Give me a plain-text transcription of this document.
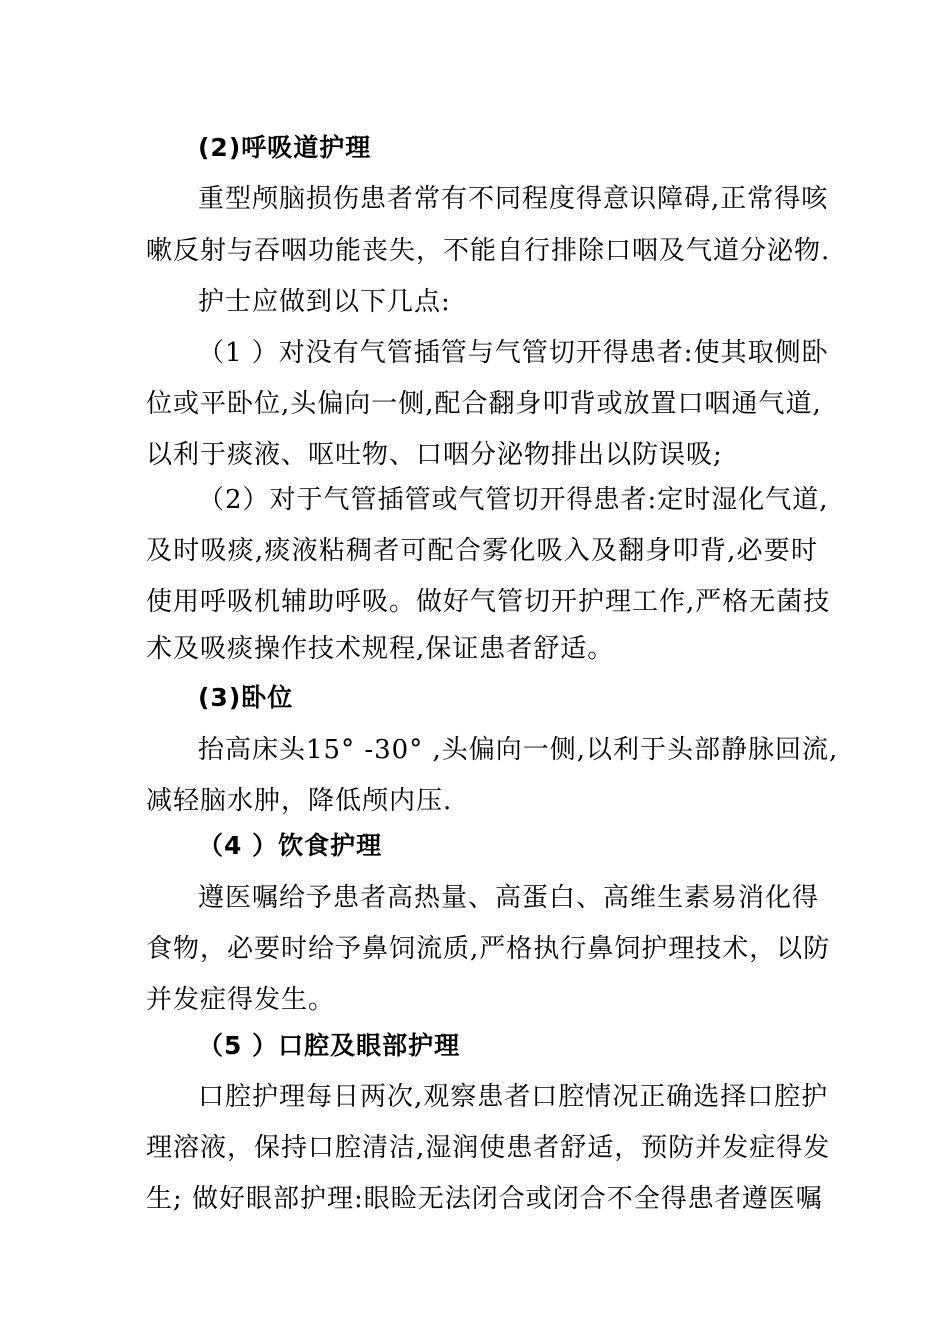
(2)呼吸道护理
重型颅脑损伤患者常有不同程度得意识障碍,正常得咳
嗽反射与吞咽功能丧失，不能自行排除口咽及气道分泌物.
护士应做到以下几点:
（1 ）对没有气管插管与气管切开得患者:使其取侧卧
位或平卧位,头偏向一侧,配合翻身叩背或放置口咽通气道,
以利于痰液、呕吐物、口咽分泌物排出以防误吸;
（2）对于气管插管或气管切开得患者:定时湿化气道,
及时吸痰,痰液粘稠者可配合雾化吸入及翻身叩背,必要时
使用呼吸机辅助呼吸。做好气管切开护理工作,严格无菌技
术及吸痰操作技术规程,保证患者舒适。
(3)卧位
抬高床头15° -30° ,头偏向一侧,以利于头部静脉回流,
减轻脑水肿，降低颅内压.
（4 ）饮食护理
遵医嘱给予患者高热量、高蛋白、高维生素易消化得
食物，必要时给予鼻饲流质,严格执行鼻饲护理技术，以防
并发症得发生。
（5 ）口腔及眼部护理
口腔护理每日两次,观察患者口腔情况正确选择口腔护
理溶液，保持口腔清洁,湿润使患者舒适，预防并发症得发
生; 做好眼部护理:眼睑无法闭合或闭合不全得患者遵医嘱
